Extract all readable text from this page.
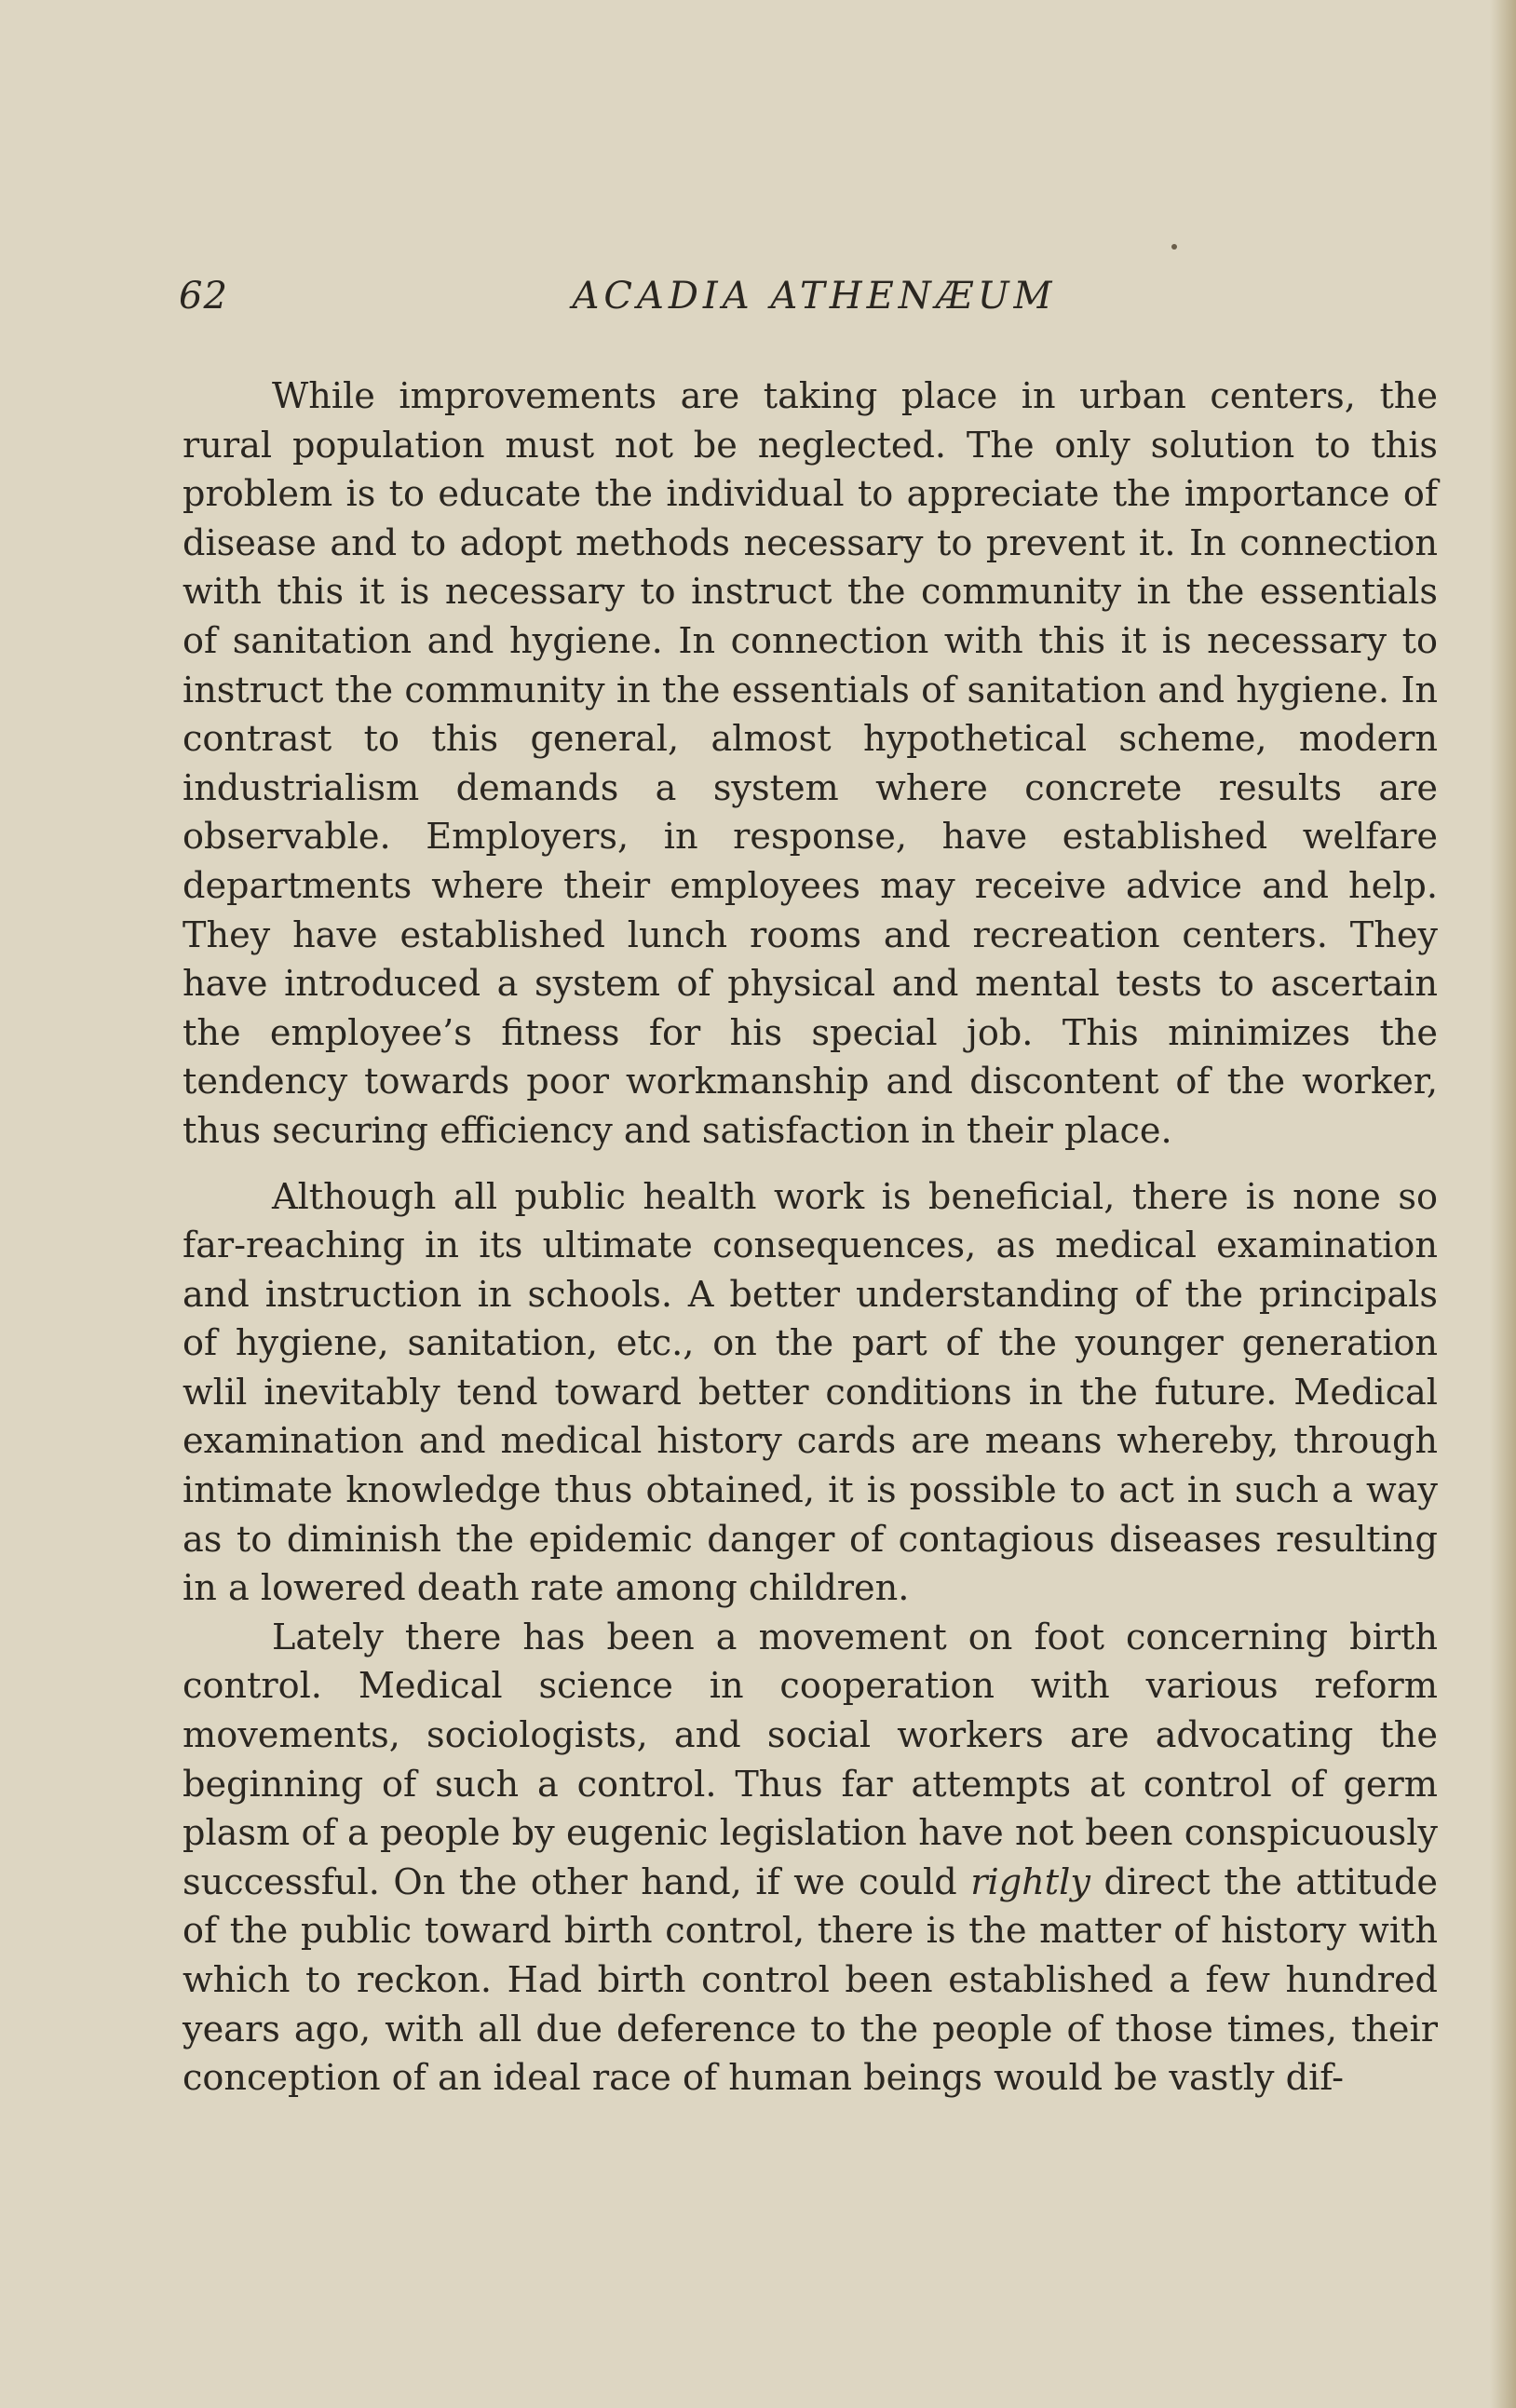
62	ACADIA ATHENÆUM

While improvements are taking place in urban centers, the rural population must not be neglected. The only solution to this problem is to educate the individual to appreciate the importance of disease and to adopt methods necessary to prevent it. In connection with this it is necessary to instruct the community in the essentials of sanitation and hygiene. In connection with this it is necessary to instruct the community in the essentials of sanitation and hygiene. In contrast to this general, almost hypothetical scheme, modern industrialism demands a system where concrete results are observable. Employers, in response, have established welfare departments where their employees may receive advice and help. They have established lunch rooms and recreation centers. They have introduced a system of physical and mental tests to ascertain the employee’s fitness for his special job. This minimizes the tendency towards poor workmanship and discontent of the worker, thus securing efficiency and satisfaction in their place.

Although all public health work is beneficial, there is none so far-reaching in its ultimate consequences, as medical examination and instruction in schools. A better understanding of the principals of hygiene, sanitation, etc., on the part of the younger generation wlil inevitably tend toward better conditions in the future. Medical examination and medical history cards are means whereby, through intimate knowledge thus obtained, it is possible to act in such a way as to diminish the epidemic danger of contagious diseases resulting in a lowered death rate among children.

Lately there has been a movement on foot concerning birth control. Medical science in cooperation with various reform movements, sociologists, and social workers are advocating the beginning of such a control. Thus far attempts at control of germ plasm of a people by eugenic legislation have not been conspicuously successful. On the other hand, if we could rightly direct the attitude of the public toward birth control, there is the matter of history with which to reckon. Had birth control been established a few hundred years ago, with all due deference to the people of those times, their conception of an ideal race of human beings would be vastly dif-
